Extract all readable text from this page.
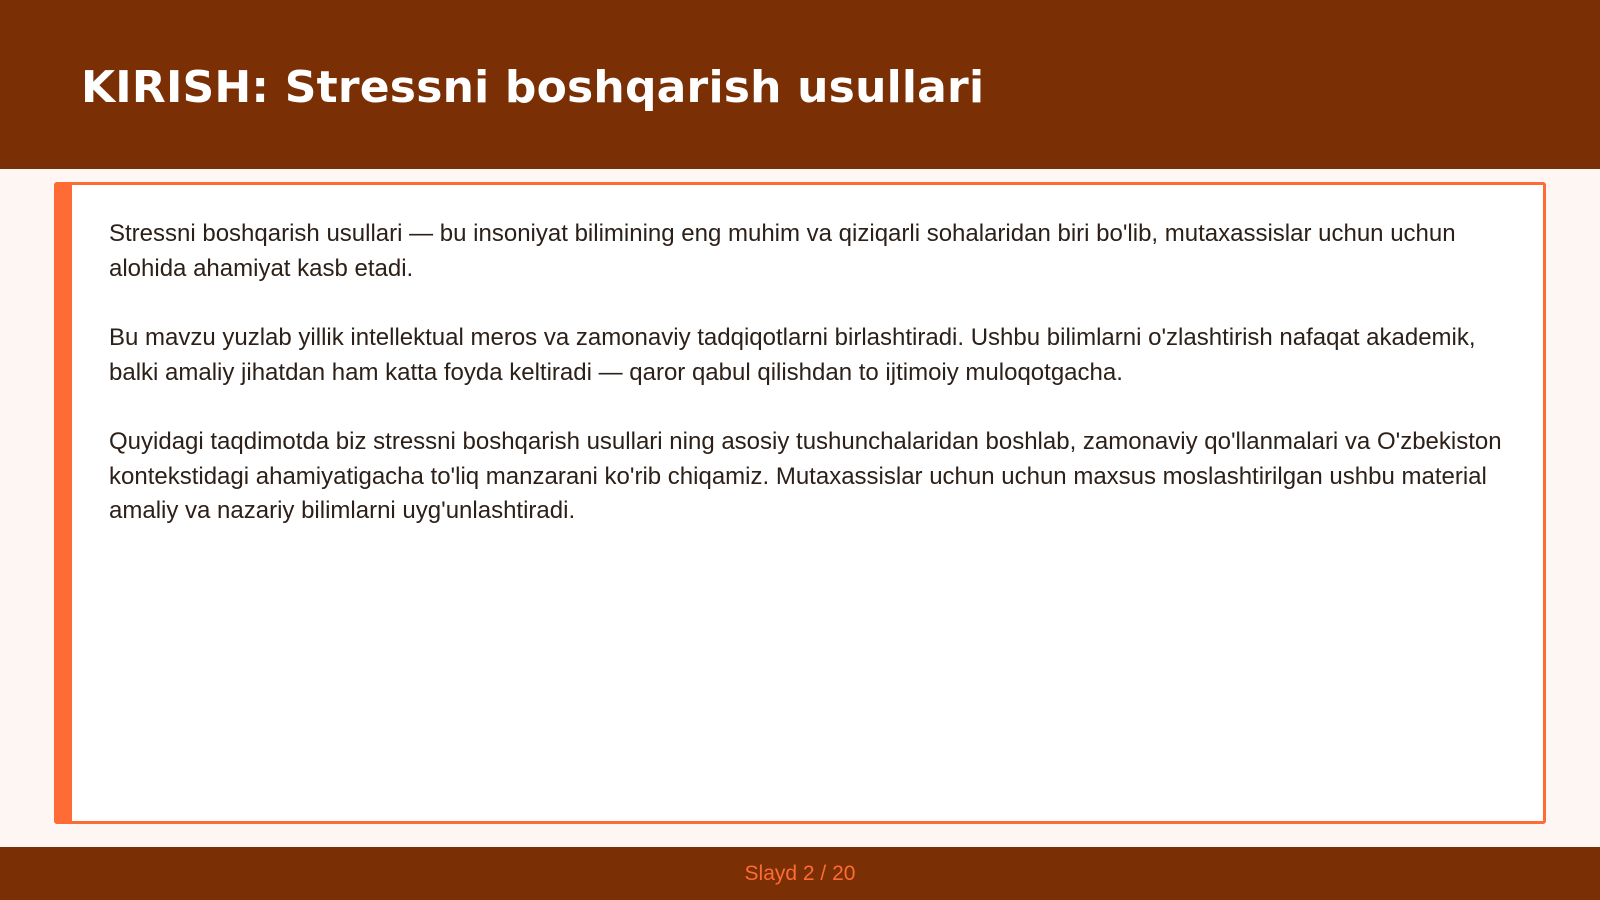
KIRISH: Stressni boshqarish usullari

Stressni boshqarish usullari — bu insoniyat bilimining eng muhim va qiziqarli sohalaridan biri bo'lib, mutaxassislar uchun uchun alohida ahamiyat kasb etadi.

Bu mavzu yuzlab yillik intellektual meros va zamonaviy tadqiqotlarni birlashtiradi. Ushbu bilimlarni o'zlashtirish nafaqat akademik, balki amaliy jihatdan ham katta foyda keltiradi — qaror qabul qilishdan to ijtimoiy muloqotgacha.

Quyidagi taqdimotda biz stressni boshqarish usullari ning asosiy tushunchalaridan boshlab, zamonaviy qo'llanmalari va O'zbekiston kontekstidagi ahamiyatigacha to'liq manzarani ko'rib chiqamiz. Mutaxassislar uchun uchun maxsus moslashtirilgan ushbu material amaliy va nazariy bilimlarni uyg'unlashtiradi.

Slayd 2 / 20
